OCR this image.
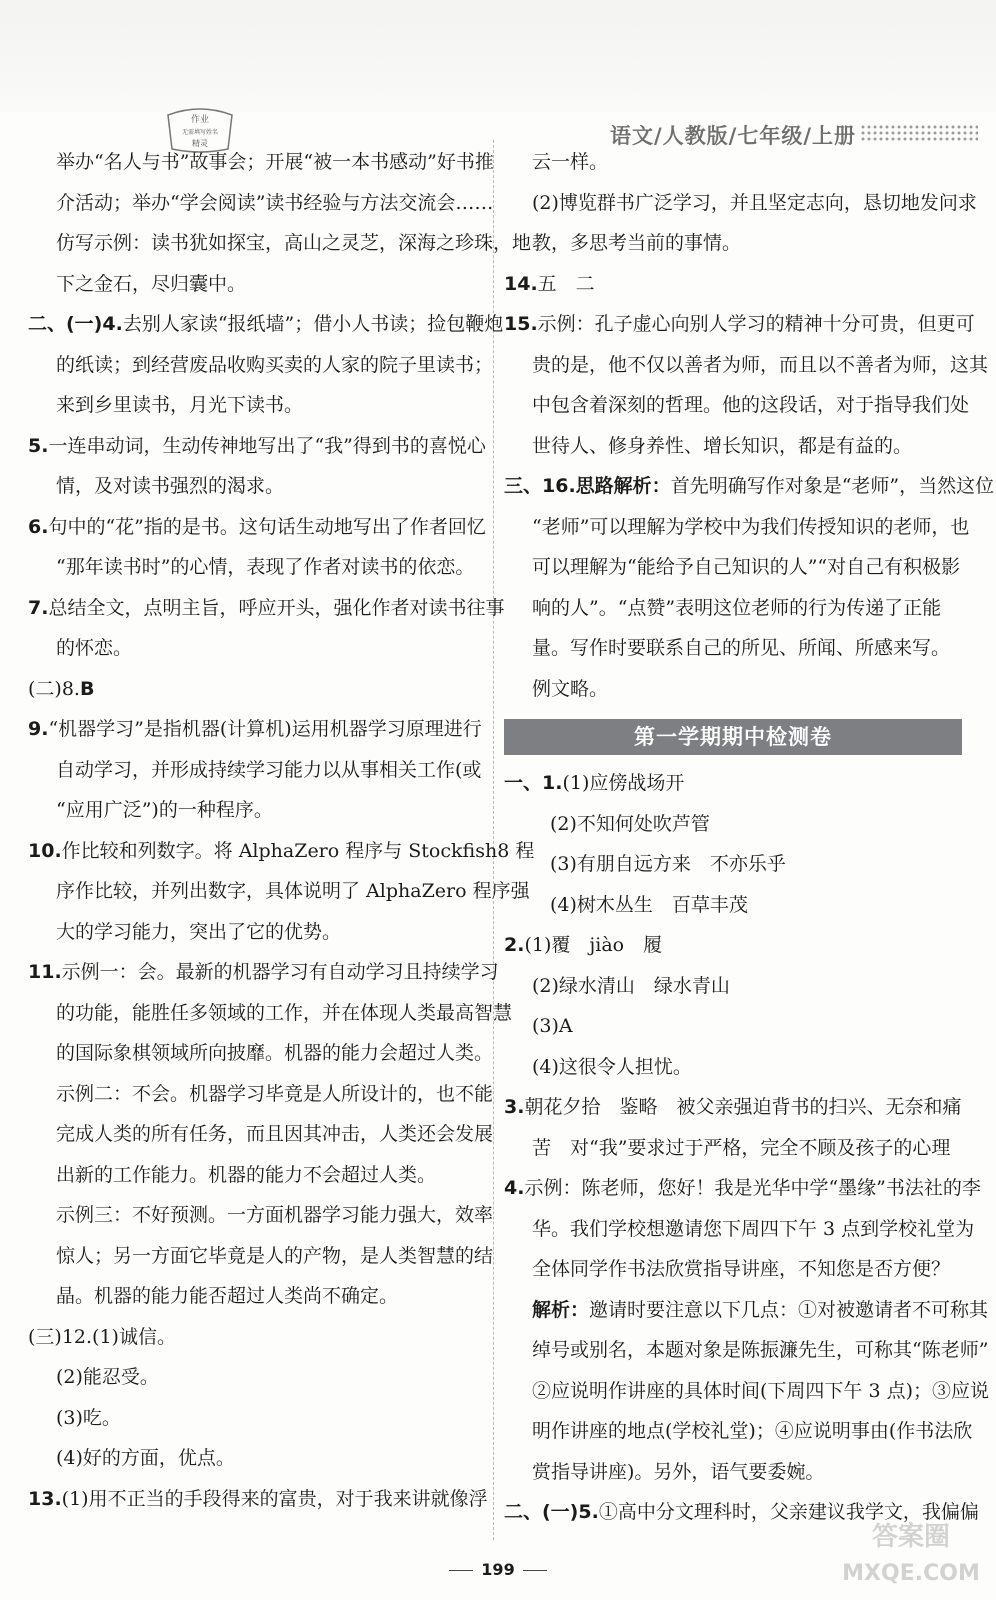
作业
无需填写姓名
精灵	语文/人教版/七年级/上册
举办“名人与书”故事会；开展“被一本书感动”好书推
介活动；举办“学会阅读”读书经验与方法交流会……
仿写示例：读书犹如探宝，高山之灵芝，深海之珍珠，地
下之金石，尽归囊中。
二、(一)4.去别人家读“报纸墙”；借小人书读；捡包鞭炮
的纸读；到经营废品收购买卖的人家的院子里读书；
来到乡里读书，月光下读书。
5.一连串动词，生动传神地写出了“我”得到书的喜悦心
情，及对读书强烈的渴求。
6.句中的“花”指的是书。这句话生动地写出了作者回忆
“那年读书时”的心情，表现了作者对读书的依恋。
7.总结全文，点明主旨，呼应开头，强化作者对读书往事
的怀恋。
(二)8.B
9.“机器学习”是指机器(计算机)运用机器学习原理进行
自动学习，并形成持续学习能力以从事相关工作(或
“应用广泛”)的一种程序。
10.作比较和列数字。将 AlphaZero 程序与 Stockfish8 程
序作比较，并列出数字，具体说明了 AlphaZero 程序强
大的学习能力，突出了它的优势。
11.示例一：会。最新的机器学习有自动学习且持续学习
的功能，能胜任多领域的工作，并在体现人类最高智慧
的国际象棋领域所向披靡。机器的能力会超过人类。
示例二：不会。机器学习毕竟是人所设计的，也不能
完成人类的所有任务，而且因其冲击，人类还会发展
出新的工作能力。机器的能力不会超过人类。
示例三：不好预测。一方面机器学习能力强大，效率
惊人；另一方面它毕竟是人的产物，是人类智慧的结
晶。机器的能力能否超过人类尚不确定。
(三)12.(1)诚信。
(2)能忍受。
(3)吃。
(4)好的方面，优点。
13.(1)用不正当的手段得来的富贵，对于我来讲就像浮
云一样。
(2)博览群书广泛学习，并且坚定志向，恳切地发问求
教，多思考当前的事情。
14.五　二
15.示例：孔子虚心向别人学习的精神十分可贵，但更可
贵的是，他不仅以善者为师，而且以不善者为师，这其
中包含着深刻的哲理。他的这段话，对于指导我们处
世待人、修身养性、增长知识，都是有益的。
三、16.思路解析：首先明确写作对象是“老师”，当然这位
“老师”可以理解为学校中为我们传授知识的老师，也
可以理解为“能给予自己知识的人”“对自己有积极影
响的人”。“点赞”表明这位老师的行为传递了正能
量。写作时要联系自己的所见、所闻、所感来写。
例文略。
第一学期期中检测卷
一、1.(1)应傍战场开
(2)不知何处吹芦管
(3)有朋自远方来　不亦乐乎
(4)树木丛生　百草丰茂
2.(1)覆　jiào　履
(2)绿水清山　绿水青山
(3)A
(4)这很令人担忧。
3.朝花夕拾　鉴略　被父亲强迫背书的扫兴、无奈和痛
苦　对“我”要求过于严格，完全不顾及孩子的心理
4.示例：陈老师，您好！我是光华中学“墨缘”书法社的李
华。我们学校想邀请您下周四下午 3 点到学校礼堂为
全体同学作书法欣赏指导讲座，不知您是否方便？
解析：邀请时要注意以下几点：①对被邀请者不可称其
绰号或别名，本题对象是陈振濂先生，可称其“陈老师”
②应说明作讲座的具体时间(下周四下午 3 点)；③应说
明作讲座的地点(学校礼堂)；④应说明事由(作书法欣
赏指导讲座)。另外，语气要委婉。
二、(一)5.①高中分文理科时，父亲建议我学文，我偏偏
199
答案圈
MXQE.COM
